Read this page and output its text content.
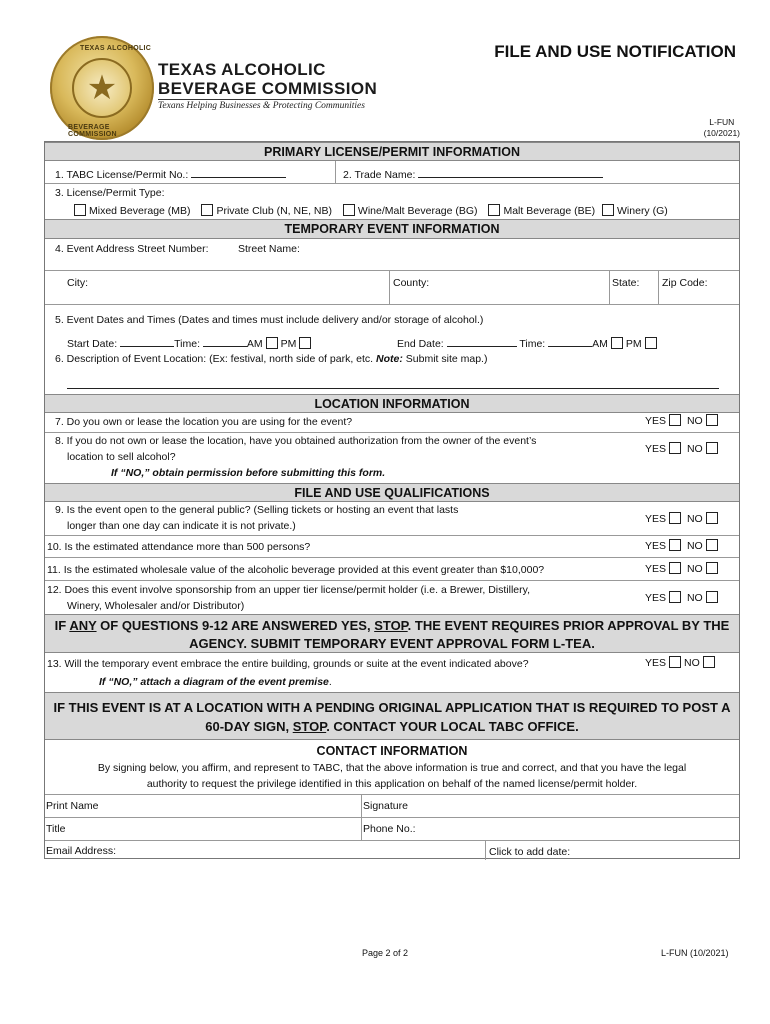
TEXAS ALCOHOLIC
★
BEVERAGE COMMISSION
TEXAS ALCOHOLIC
BEVERAGE COMMISSION
Texans Helping Businesses & Protecting Communities
FILE AND USE NOTIFICATION
L-FUN
(10/2021)
PRIMARY LICENSE/PERMIT INFORMATION
1. TABC License/Permit No.:	2. Trade Name:
3. License/Permit Type:
Mixed Beverage (MB) Private Club (N, NE, NB) Wine/Malt Beverage (BG) Malt Beverage (BE) Winery (G)
TEMPORARY EVENT INFORMATION
4. Event Address Street Number:	Street Name:
City:	County:	State: Zip Code:
5. Event Dates and Times (Dates and times must include delivery and/or storage of alcohol.)
Start Date:	Time:	AM PM	End Date:	Time:	AM PM
6. Description of Event Location: (Ex: festival, north side of park, etc. Note: Submit site map.)
LOCATION INFORMATION
7. Do you own or lease the location you are using for the event?	YES NO
8. If you do not own or lease the location, have you obtained authorization from the owner of the event’s
location to sell alcohol?
YES NO
If “NO,” obtain permission before submitting this form.
FILE AND USE QUALIFICATIONS
9. Is the event open to the general public? (Selling tickets or hosting an event that lasts
longer than one day can indicate it is not private.)
YES NO
10. Is the estimated attendance more than 500 persons?	YES NO
11. Is the estimated wholesale value of the alcoholic beverage provided at this event greater than $10,000?	YES NO
12. Does this event involve sponsorship from an upper tier license/permit holder (i.e. a Brewer, Distillery,
Winery, Wholesaler and/or Distributor)
YES NO
IF ANY OF QUESTIONS 9-12 ARE ANSWERED YES, STOP. THE EVENT REQUIRES PRIOR APPROVAL BY THE
AGENCY. SUBMIT TEMPORARY EVENT APPROVAL FORM L-TEA.
13. Will the temporary event embrace the entire building, grounds or suite at the event indicated above?	YES NO
If “NO,” attach a diagram of the event premise.
IF THIS EVENT IS AT A LOCATION WITH A PENDING ORIGINAL APPLICATION THAT IS REQUIRED TO POST A
60-DAY SIGN, STOP. CONTACT YOUR LOCAL TABC OFFICE.
CONTACT INFORMATION
By signing below, you affirm, and represent to TABC, that the above information is true and correct, and that you have the legal
authority to request the privilege identified in this application on behalf of the named license/permit holder.
Print Name	Signature
Title	Phone No.:
Email Address:	Click to add date:
Page 2 of 2	L-FUN (10/2021)
